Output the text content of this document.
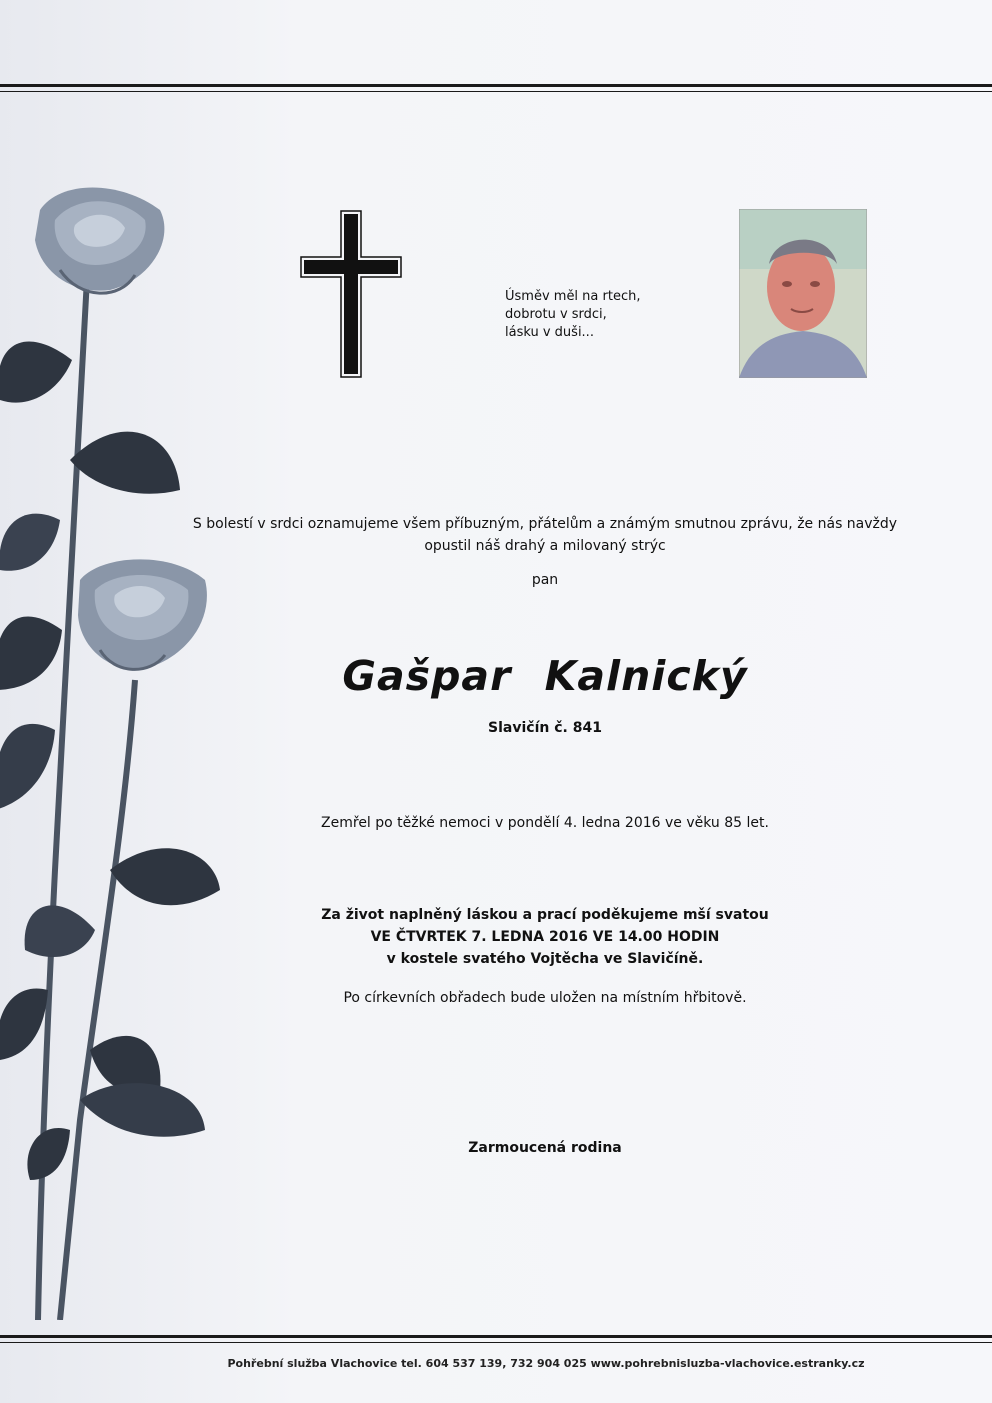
Úsměv měl na rtech,
dobrotu v srdci,
lásku v duši...
S bolestí v srdci oznamujeme všem příbuzným, přátelům a známým smutnou zprávu, že nás navždy opustil náš drahý a milovaný strýc
pan
Gašpar Kalnický
Slavičín č. 841
Zemřel po těžké nemoci v pondělí 4. ledna 2016 ve věku 85 let.
Za život naplněný láskou a prací poděkujeme mší svatou
VE ČTVRTEK 7. LEDNA 2016 VE 14.00 HODIN
v kostele svatého Vojtěcha ve Slavičíně.
Po církevních obřadech bude uložen na místním hřbitově.
Zarmoucená rodina
Pohřební služba Vlachovice tel. 604 537 139, 732 904 025 www.pohrebnisluzba-vlachovice.estranky.cz
